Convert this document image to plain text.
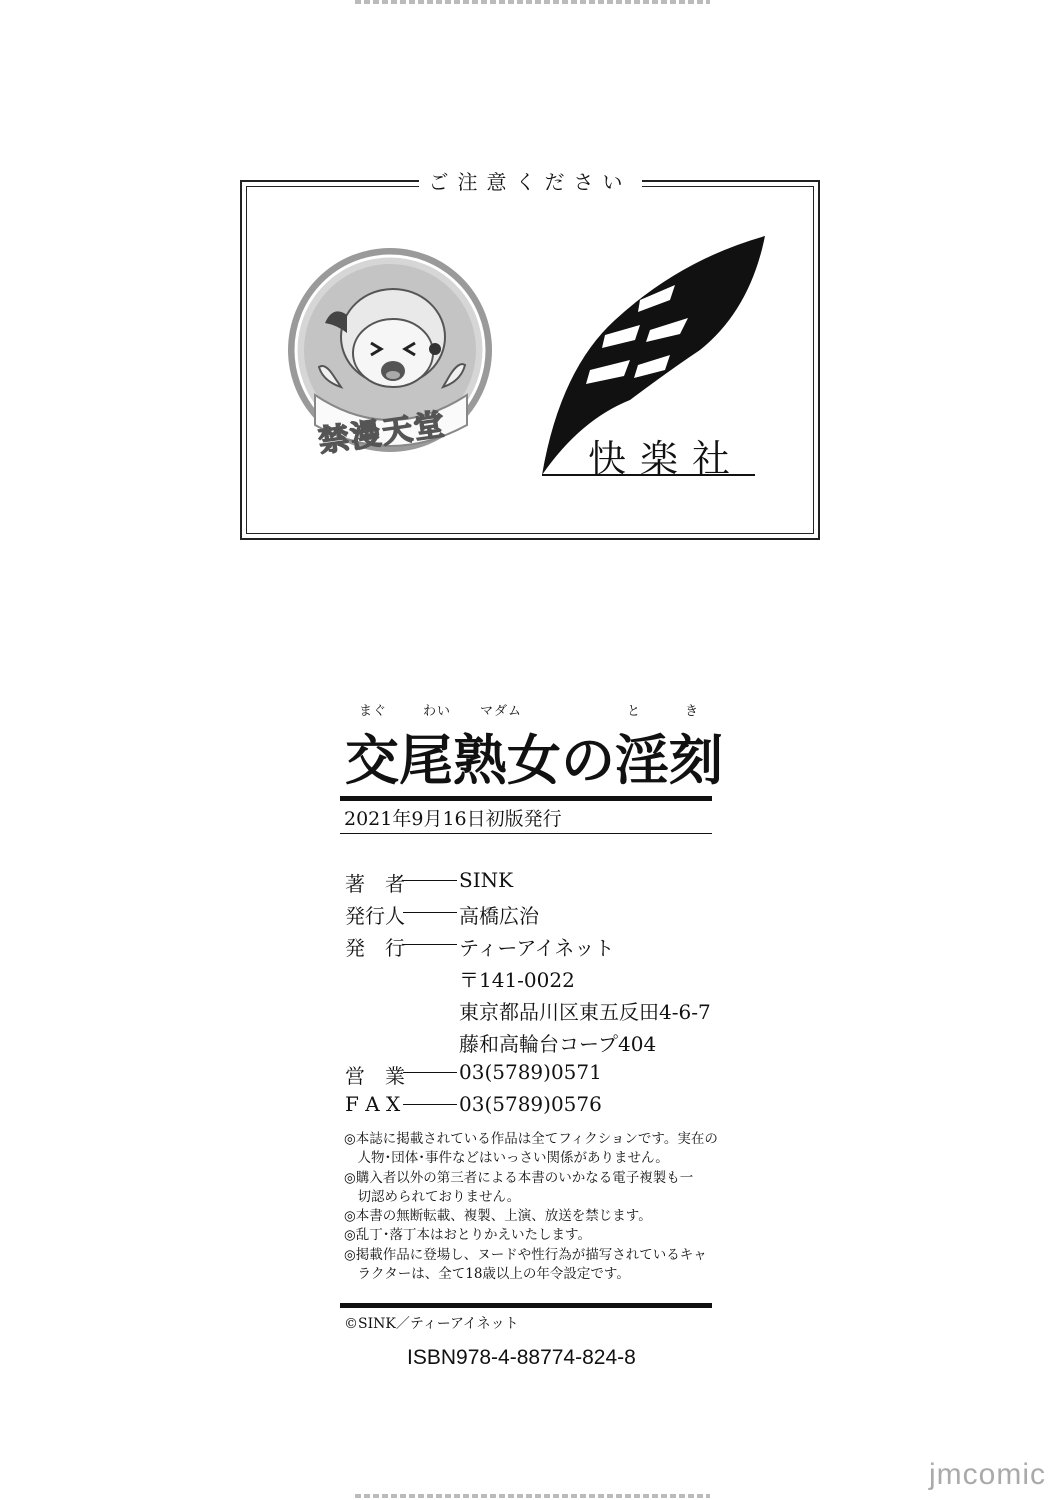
ご注意ください
禁漫天堂	快楽社
まぐ	わい マダム	と	き
交尾熟女の淫刻
2021年9月16日初版発行
著　者	SINK
発行人	高橋広治
発　行	ティーアイネット
〒141-0022
東京都品川区東五反田4-6-7
藤和高輪台コープ404
営　業	03(5789)0571
F A X	03(5789)0576
◎本誌に掲載されている作品は全てフィクションです。実在の
　人物･団体･事件などはいっさい関係がありません。
◎購入者以外の第三者による本書のいかなる電子複製も一
　切認められておりません。
◎本書の無断転載、複製、上演、放送を禁じます。
◎乱丁･落丁本はおとりかえいたします。
◎掲載作品に登場し、ヌードや性行為が描写されているキャ
　ラクターは、全て18歳以上の年令設定です。
©SINK／ティーアイネット
ISBN978-4-88774-824-8
jmcomic
